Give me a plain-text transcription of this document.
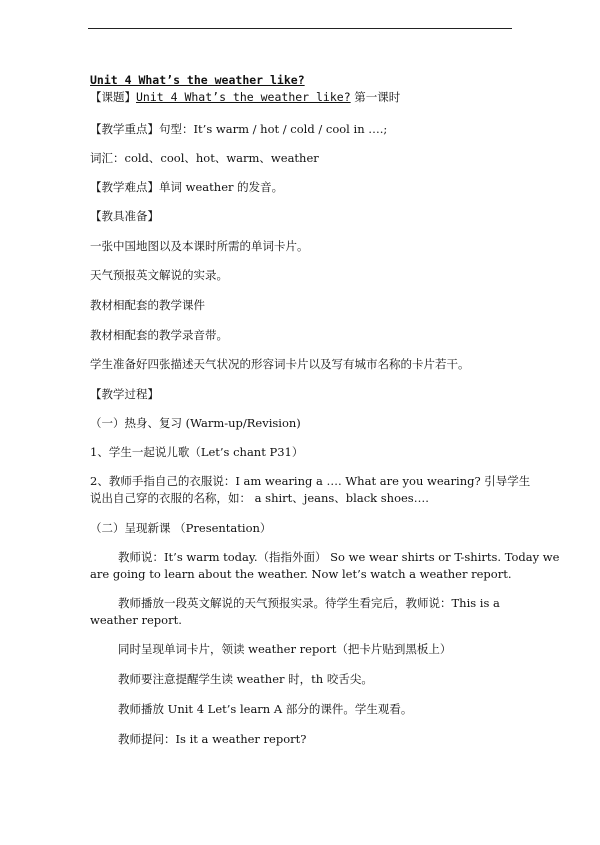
Unit 4 What’s the weather like?
【课题】Unit 4 What’s the weather like? 第一课时
【教学重点】句型：It’s warm / hot / cold / cool in ….;
词汇：cold、cool、hot、warm、weather
【教学难点】单词 weather 的发音。
【教具准备】
一张中国地图以及本课时所需的单词卡片。
天气预报英文解说的实录。
教材相配套的教学课件
教材相配套的教学录音带。
学生准备好四张描述天气状况的形容词卡片以及写有城市名称的卡片若干。
【教学过程】
（一）热身、复习 (Warm-up/Revision)
1、学生一起说儿歌（Let’s chant P31）
2、教师手指自己的衣服说：I am wearing a …. What are you wearing? 引导学生
说出自己穿的衣服的名称，如： a shirt、jeans、black shoes….
（二）呈现新课 （Presentation）
教师说：It’s warm today.（指指外面） So we wear shirts or T-shirts. Today we
are going to learn about the weather. Now let’s watch a weather report.
教师播放一段英文解说的天气预报实录。待学生看完后，教师说：This is a
weather report.
同时呈现单词卡片，领读 weather report（把卡片贴到黑板上）
教师要注意提醒学生读 weather 时，th 咬舌尖。
教师播放 Unit 4 Let’s learn A 部分的课件。学生观看。
教师提问：Is it a weather report?
